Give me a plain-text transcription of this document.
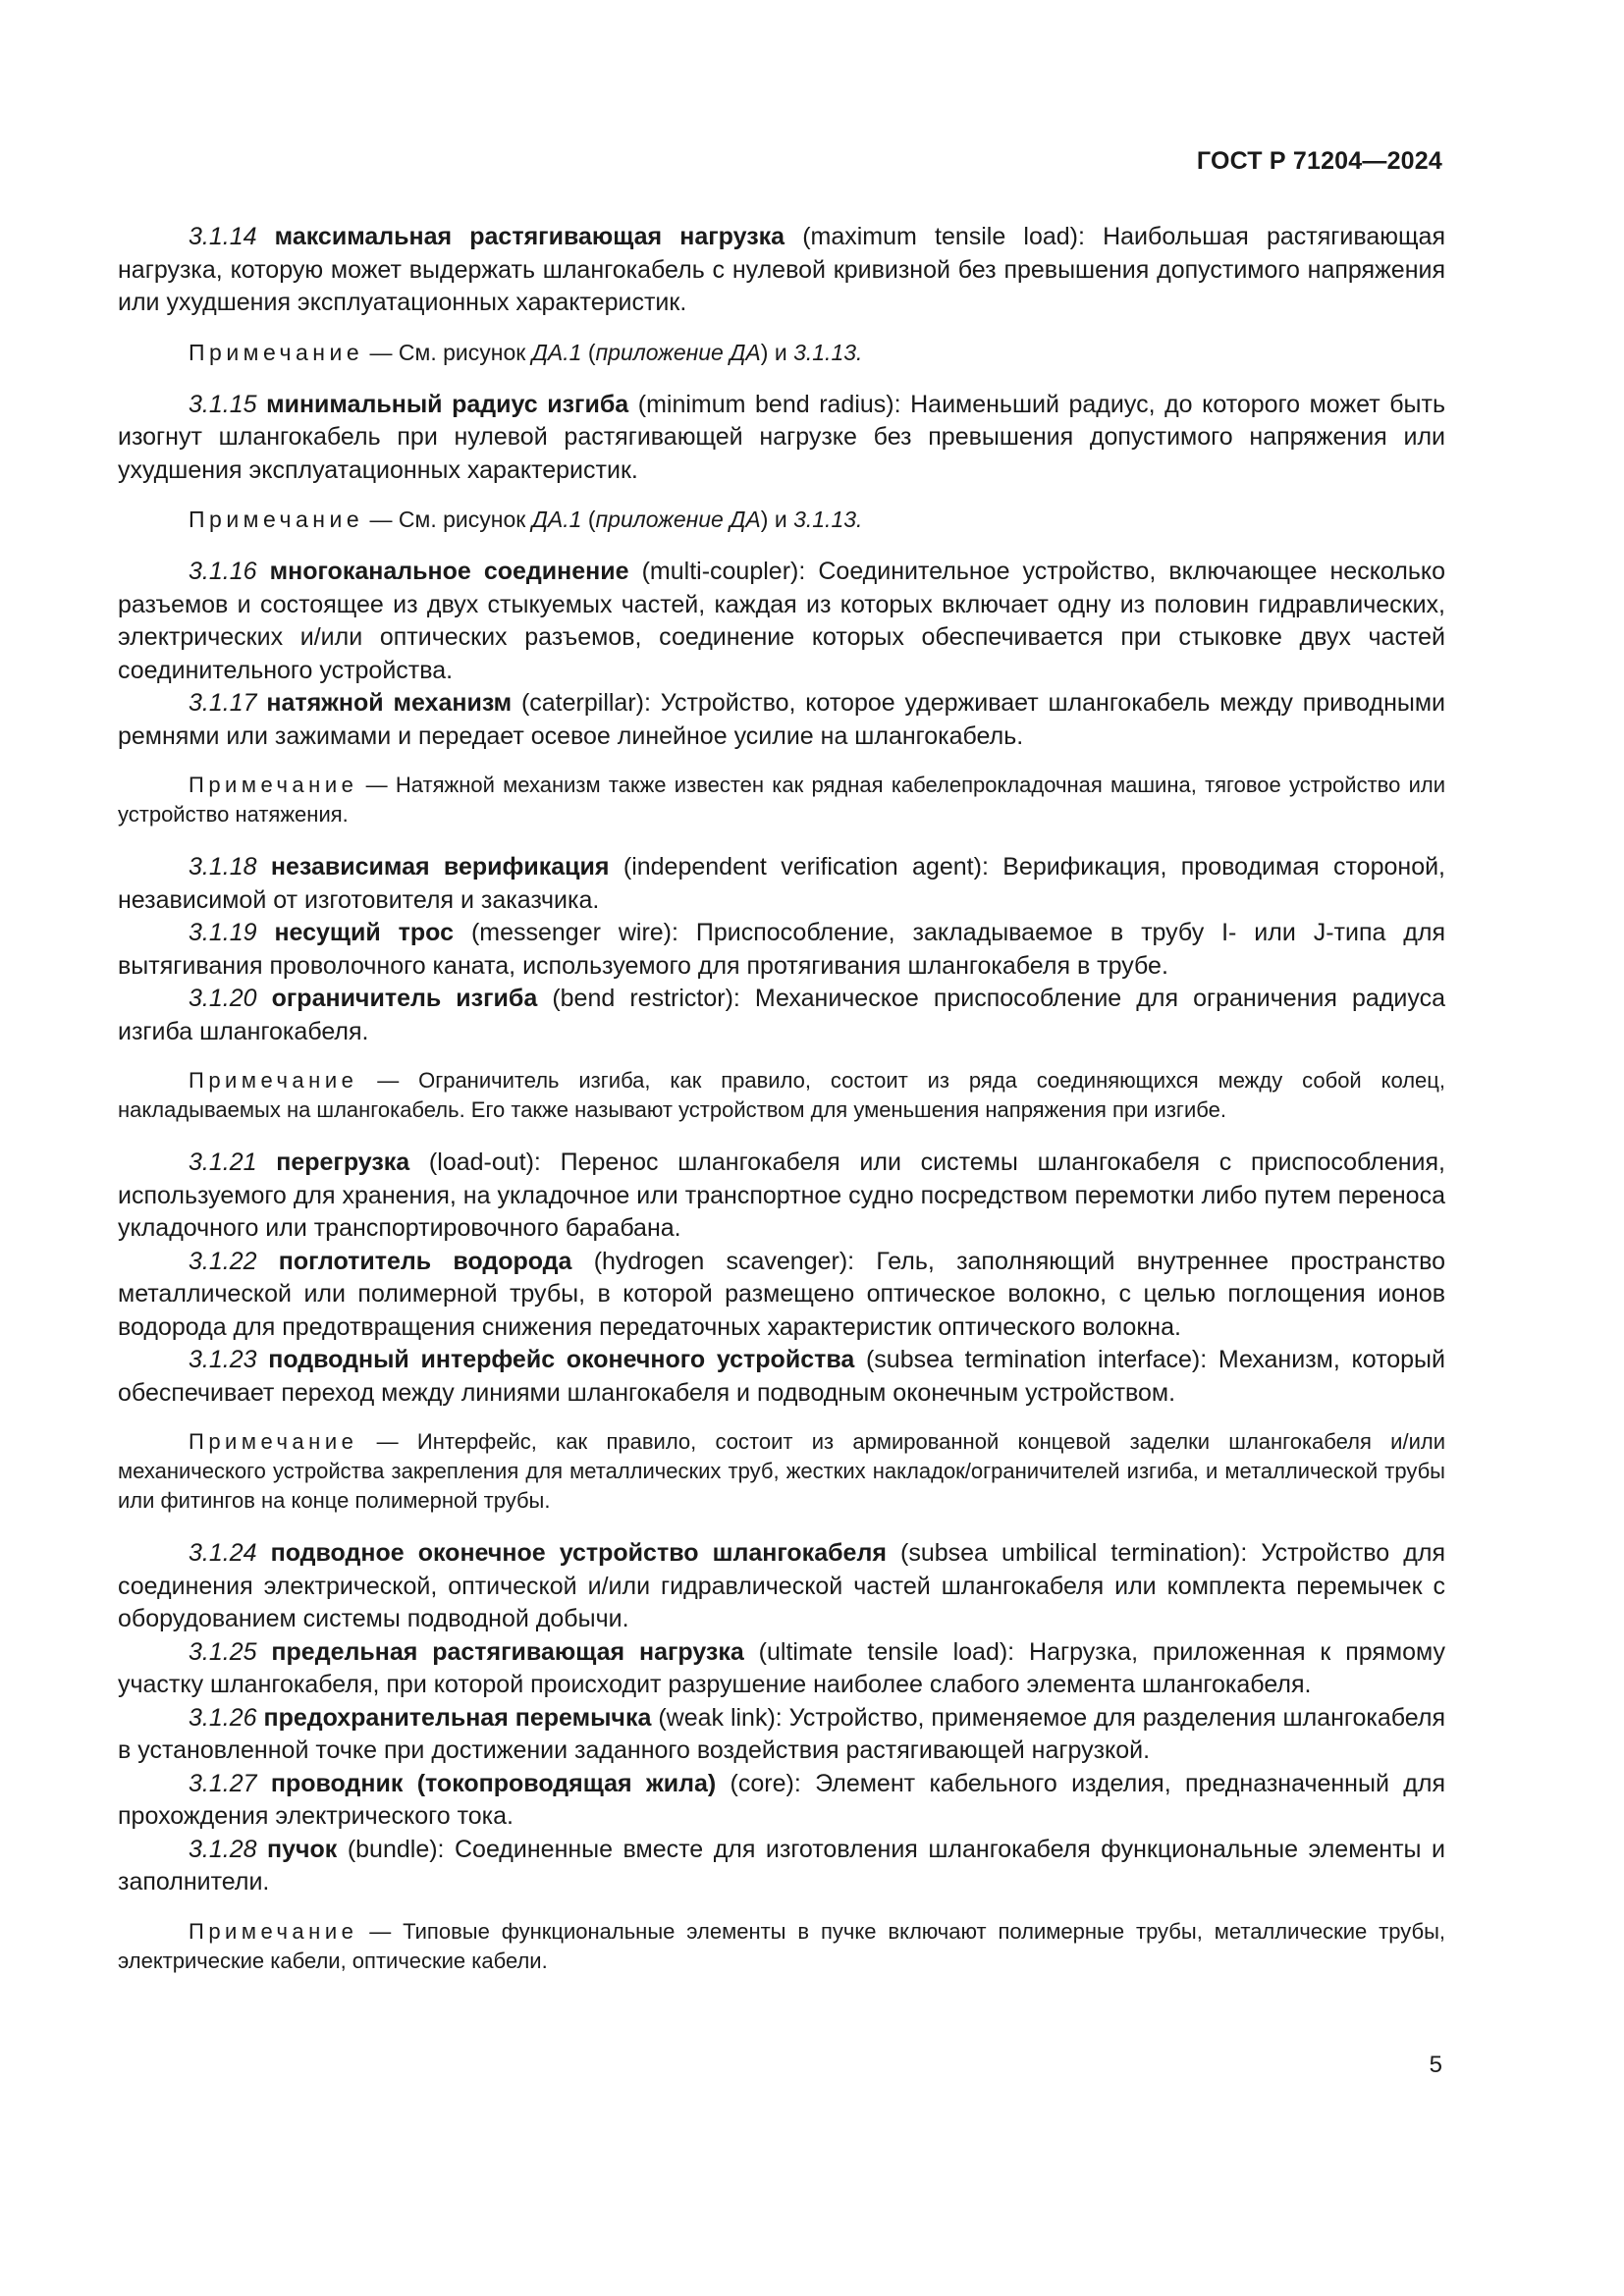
ГОСТ Р 71204—2024

3.1.14 максимальная растягивающая нагрузка (maximum tensile load): Наибольшая растягивающая нагрузка, которую может выдержать шлангокабель с нулевой кривизной без превышения допустимого напряжения или ухудшения эксплуатационных характеристик.

Примечание — См. рисунок ДА.1 (приложение ДА) и 3.1.13.

3.1.15 минимальный радиус изгиба (minimum bend radius): Наименьший радиус, до которого может быть изогнут шлангокабель при нулевой растягивающей нагрузке без превышения допустимого напряжения или ухудшения эксплуатационных характеристик.

Примечание — См. рисунок ДА.1 (приложение ДА) и 3.1.13.

3.1.16 многоканальное соединение (multi-coupler): Соединительное устройство, включающее несколько разъемов и состоящее из двух стыкуемых частей, каждая из которых включает одну из половин гидравлических, электрических и/или оптических разъемов, соединение которых обеспечивается при стыковке двух частей соединительного устройства.

3.1.17 натяжной механизм (caterpillar): Устройство, которое удерживает шлангокабель между приводными ремнями или зажимами и передает осевое линейное усилие на шлангокабель.

Примечание — Натяжной механизм также известен как рядная кабелепрокладочная машина, тяговое устройство или устройство натяжения.

3.1.18 независимая верификация (independent verification agent): Верификация, проводимая стороной, независимой от изготовителя и заказчика.

3.1.19 несущий трос (messenger wire): Приспособление, закладываемое в трубу I- или J-типа для вытягивания проволочного каната, используемого для протягивания шлангокабеля в трубе.

3.1.20 ограничитель изгиба (bend restrictor): Механическое приспособление для ограничения радиуса изгиба шлангокабеля.

Примечание — Ограничитель изгиба, как правило, состоит из ряда соединяющихся между собой колец, накладываемых на шлангокабель. Его также называют устройством для уменьшения напряжения при изгибе.

3.1.21 перегрузка (load-out): Перенос шлангокабеля или системы шлангокабеля с приспособления, используемого для хранения, на укладочное или транспортное судно посредством перемотки либо путем переноса укладочного или транспортировочного барабана.

3.1.22 поглотитель водорода (hydrogen scavenger): Гель, заполняющий внутреннее пространство металлической или полимерной трубы, в которой размещено оптическое волокно, с целью поглощения ионов водорода для предотвращения снижения передаточных характеристик оптического волокна.

3.1.23 подводный интерфейс оконечного устройства (subsea termination interface): Механизм, который обеспечивает переход между линиями шлангокабеля и подводным оконечным устройством.

Примечание — Интерфейс, как правило, состоит из армированной концевой заделки шлангокабеля и/или механического устройства закрепления для металлических труб, жестких накладок/ограничителей изгиба, и металлической трубы или фитингов на конце полимерной трубы.

3.1.24 подводное оконечное устройство шлангокабеля (subsea umbilical termination): Устройство для соединения электрической, оптической и/или гидравлической частей шлангокабеля или комплекта перемычек с оборудованием системы подводной добычи.

3.1.25 предельная растягивающая нагрузка (ultimate tensile load): Нагрузка, приложенная к прямому участку шлангокабеля, при которой происходит разрушение наиболее слабого элемента шлангокабеля.

3.1.26 предохранительная перемычка (weak link): Устройство, применяемое для разделения шлангокабеля в установленной точке при достижении заданного воздействия растягивающей нагрузкой.

3.1.27 проводник (токопроводящая жила) (core): Элемент кабельного изделия, предназначенный для прохождения электрического тока.

3.1.28 пучок (bundle): Соединенные вместе для изготовления шлангокабеля функциональные элементы и заполнители.

Примечание — Типовые функциональные элементы в пучке включают полимерные трубы, металлические трубы, электрические кабели, оптические кабели.

5
